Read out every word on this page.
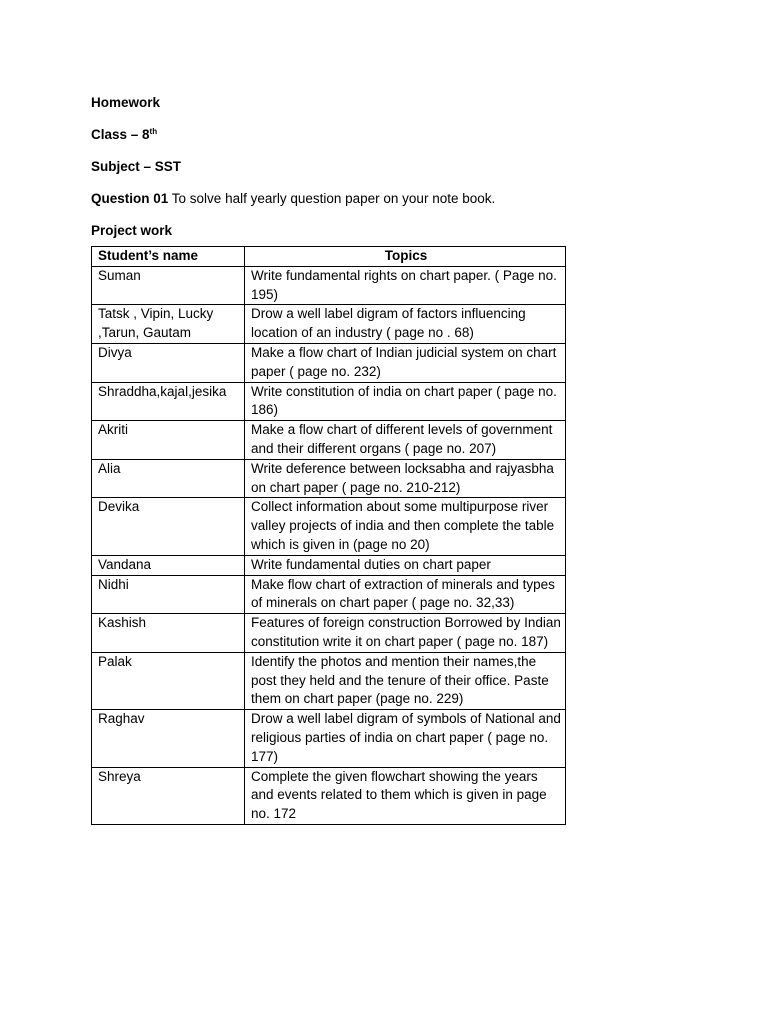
Homework
Class – 8th
Subject – SST
Question 01 To solve half yearly question paper on your note book.
Project work
Student’s name	Topics
Suman	Write fundamental rights on chart paper. ( Page no. 195)
Tatsk , Vipin, Lucky ,Tarun, Gautam	Drow a well label digram of factors influencing location of an industry ( page no . 68)
Divya	Make a flow chart of Indian judicial system on chart paper ( page no. 232)
Shraddha,kajal,jesika	Write constitution of india on chart paper ( page no. 186)
Akriti	Make a flow chart of different levels of government and their different organs ( page no. 207)
Alia	Write deference between locksabha and rajyasbha on chart paper ( page no. 210-212)
Devika	Collect information about some multipurpose river valley projects of india and then complete the table which is given in (page no 20)
Vandana	Write fundamental duties on chart paper
Nidhi	Make flow chart of extraction of minerals and types of minerals on chart paper ( page no. 32,33)
Kashish	Features of foreign construction Borrowed by Indian constitution write it on chart paper ( page no. 187)
Palak	Identify the photos and mention their names,the post they held and the tenure of their office. Paste them on chart paper (page no. 229)
Raghav	Drow a well label digram of symbols of National and religious parties of india on chart paper ( page no. 177)
Shreya	Complete the given flowchart showing the years and events related to them which is given in page no. 172
